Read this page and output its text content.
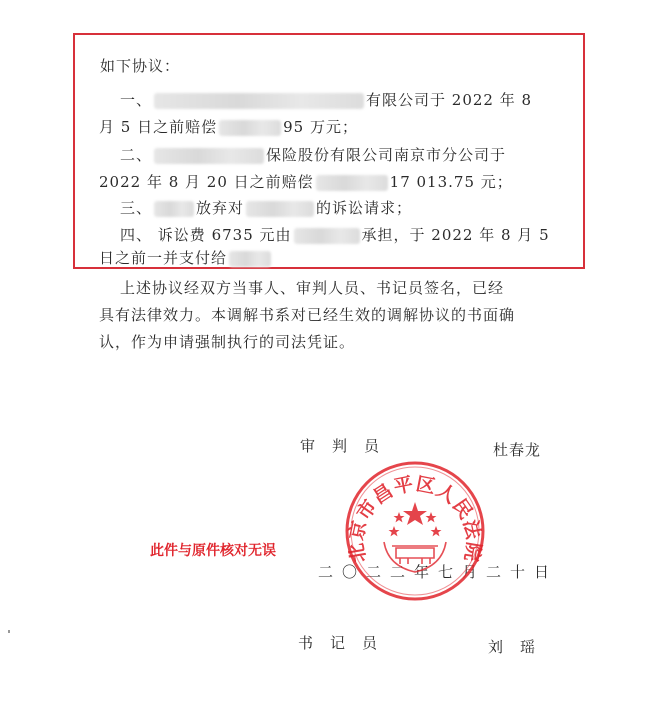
如下协议：
一、	有限公司于 2022 年 8
月 5 日之前赔偿	95 万元；
二、	保险股份有限公司南京市分公司于
2022 年 8 月 20 日之前赔偿	17 013.75 元；
三、	放弃对	的诉讼请求；
四、 诉讼费 6735 元由	承担，于 2022 年 8 月 5
日之前一并支付给
上述协议经双方当事人、审判人员、书记员签名，已经
具有法律效力。本调解书系对已经生效的调解协议的书面确
认，作为申请强制执行的司法凭证。
审　判　员	杜春龙
二〇二二年七月二十日
书　记　员	刘　瑶
此件与原件核对无误	北京市昌平区人民法院
